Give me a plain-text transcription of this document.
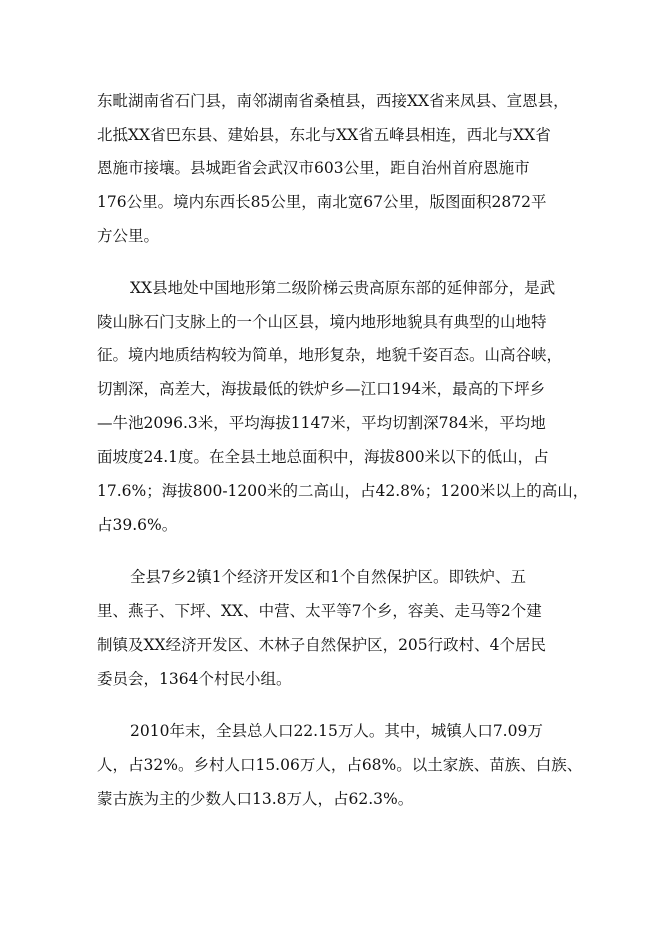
东毗湖南省石门县，南邻湖南省桑植县，西接XX省来凤县、宣恩县，
北抵XX省巴东县、建始县，东北与XX省五峰县相连，西北与XX省
恩施市接壤。县城距省会武汉市603公里，距自治州首府恩施市
176公里。境内东西长85公里，南北宽67公里，版图面积2872平
方公里。
XX县地处中国地形第二级阶梯云贵高原东部的延伸部分，是武
陵山脉石门支脉上的一个山区县，境内地形地貌具有典型的山地特
征。境内地质结构较为简单，地形复杂，地貌千姿百态。山高谷峡，
切割深，高差大，海拔最低的铁炉乡—江口194米，最高的下坪乡
—牛池2096.3米，平均海拔1147米，平均切割深784米，平均地
面坡度24.1度。在全县土地总面积中，海拔800米以下的低山，占
17.6%；海拔800-1200米的二高山，占42.8%；1200米以上的高山，
占39.6%。
全县7乡2镇1个经济开发区和1个自然保护区。即铁炉、五
里、燕子、下坪、XX、中营、太平等7个乡，容美、走马等2个建
制镇及XX经济开发区、木林子自然保护区，205行政村、4个居民
委员会，1364个村民小组。
2010年末，全县总人口22.15万人。其中，城镇人口7.09万
人，占32%。乡村人口15.06万人，占68%。以土家族、苗族、白族、
蒙古族为主的少数人口13.8万人，占62.3%。
